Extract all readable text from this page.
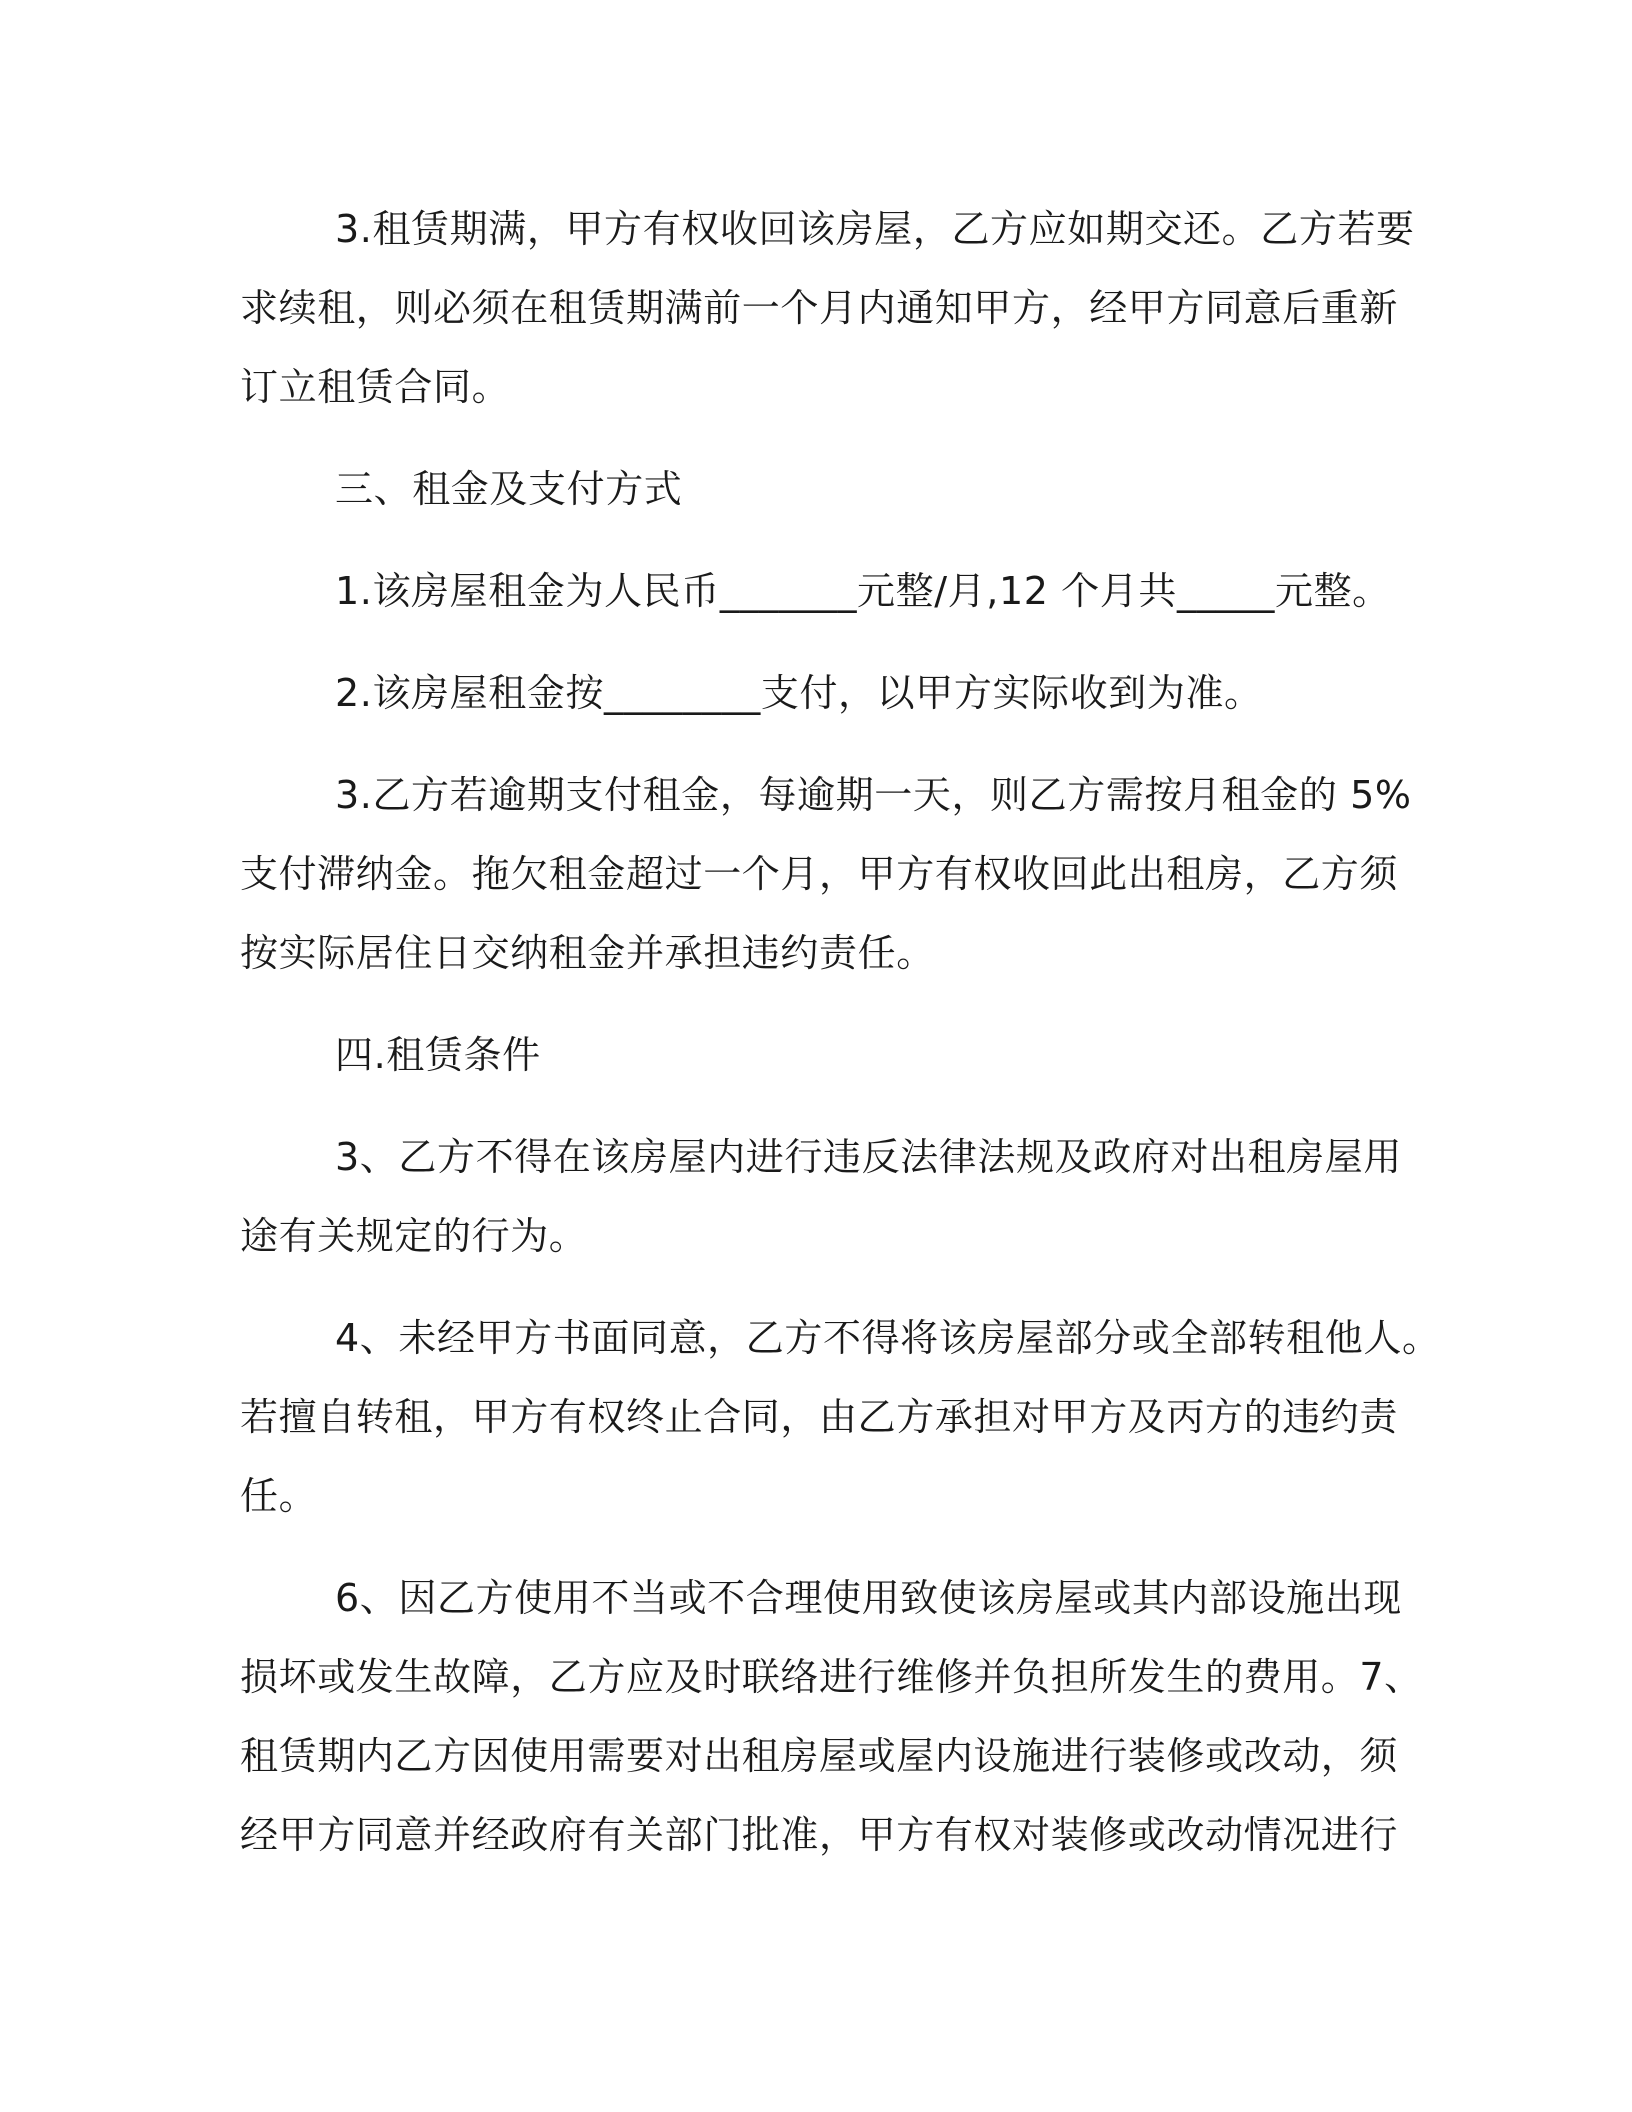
3.租赁期满，甲方有权收回该房屋，乙方应如期交还。乙方若要
求续租，则必须在租赁期满前一个月内通知甲方，经甲方同意后重新
订立租赁合同。

三、租金及支付方式

1.该房屋租金为人民币_______元整/月,12 个月共_____元整。

2.该房屋租金按________支付，以甲方实际收到为准。

3.乙方若逾期支付租金，每逾期一天，则乙方需按月租金的 5%
支付滞纳金。拖欠租金超过一个月，甲方有权收回此出租房，乙方须
按实际居住日交纳租金并承担违约责任。

四.租赁条件

3、乙方不得在该房屋内进行违反法律法规及政府对出租房屋用
途有关规定的行为。

4、未经甲方书面同意，乙方不得将该房屋部分或全部转租他人。
若擅自转租，甲方有权终止合同，由乙方承担对甲方及丙方的违约责
任。

6、因乙方使用不当或不合理使用致使该房屋或其内部设施出现
损坏或发生故障，乙方应及时联络进行维修并负担所发生的费用。7、
租赁期内乙方因使用需要对出租房屋或屋内设施进行装修或改动，须
经甲方同意并经政府有关部门批准，甲方有权对装修或改动情况进行
